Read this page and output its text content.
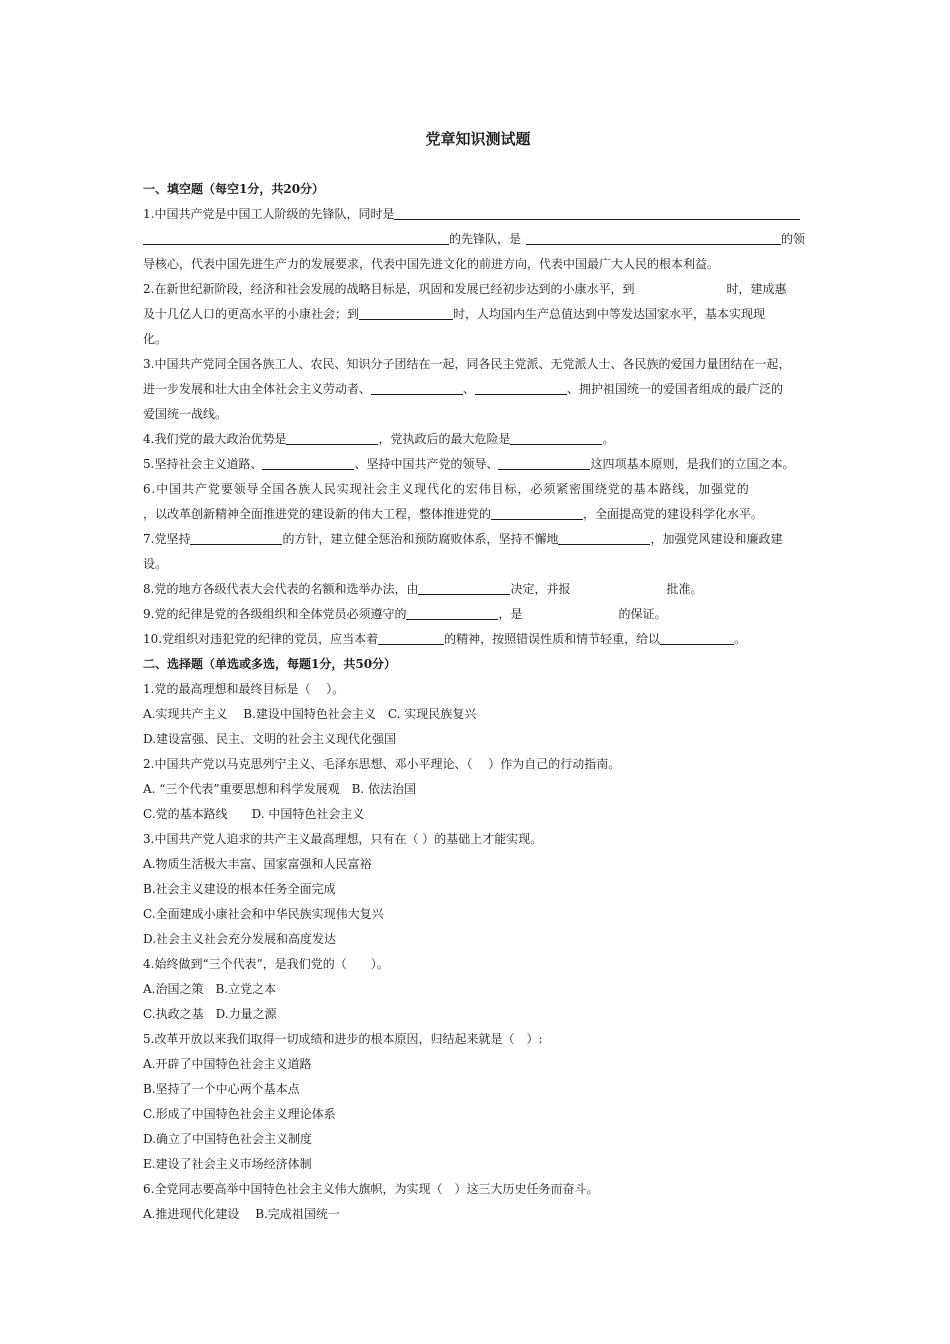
党章知识测试题
一、填空题（每空1分，共20分）
1.中国共产党是中国工人阶级的先锋队，同时是
的先锋队，是	的领
导核心，代表中国先进生产力的发展要求，代表中国先进文化的前进方向，代表中国最广大人民的根本利益。
2.在新世纪新阶段，经济和社会发展的战略目标是，巩固和发展已经初步达到的小康水平，到	时，建成惠
及十几亿人口的更高水平的小康社会；到	时，人均国内生产总值达到中等发达国家水平，基本实现现
化。
3.中国共产党同全国各族工人、农民、知识分子团结在一起，同各民主党派、无党派人士、各民族的爱国力量团结在一起，
进一步发展和壮大由全体社会主义劳动者、	、	、拥护祖国统一的爱国者组成的最广泛的
爱国统一战线。
4.我们党的最大政治优势是	，党执政后的最大危险是	。
5.坚持社会主义道路、	、坚持中国共产党的领导、	这四项基本原则，是我们的立国之本。
6.中国共产党要领导全国各族人民实现社会主义现代化的宏伟目标，必须紧密围绕党的基本路线，加强党的
，以改革创新精神全面推进党的建设新的伟大工程，整体推进党的	，全面提高党的建设科学化水平。
7.党坚持	的方针，建立健全惩治和预防腐败体系，坚持不懈地	，加强党风建设和廉政建
设。
8.党的地方各级代表大会代表的名额和选举办法，由	决定，并报	批准。
9.党的纪律是党的各级组织和全体党员必须遵守的	，是	的保证。
10.党组织对违犯党的纪律的党员，应当本着	的精神，按照错误性质和情节轻重，给以	。
二、选择题（单选或多选，每题1分，共50分）
1.党的最高理想和最终目标是（　 ）。
A.实现共产主义　 B.建设中国特色社会主义　C. 实现民族复兴
D.建设富强、民主、文明的社会主义现代化强国
2.中国共产党以马克思列宁主义、毛泽东思想、邓小平理论、（　 ）作为自己的行动指南。
A. “三个代表”重要思想和科学发展观　B. 依法治国
C.党的基本路线　　D. 中国特色社会主义
3.中国共产党人追求的共产主义最高理想，只有在（ ）的基础上才能实现。
A.物质生活极大丰富、国家富强和人民富裕
B.社会主义建设的根本任务全面完成
C.全面建成小康社会和中华民族实现伟大复兴
D.社会主义社会充分发展和高度发达
4.始终做到“三个代表”，是我们党的（　　）。
A.治国之策　B.立党之本
C.执政之基　D.力量之源
5.改革开放以来我们取得一切成绩和进步的根本原因，归结起来就是（　）:
A.开辟了中国特色社会主义道路
B.坚持了一个中心两个基本点
C.形成了中国特色社会主义理论体系
D.确立了中国特色社会主义制度
E.建设了社会主义市场经济体制
6.全党同志要高举中国特色社会主义伟大旗帜，为实现（　）这三大历史任务而奋斗。
A.推进现代化建设　 B.完成祖国统一
